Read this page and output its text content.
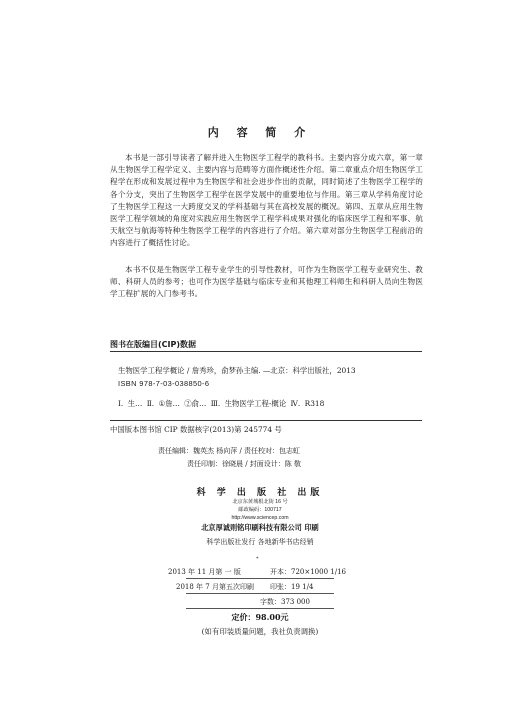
内 容 简 介
本书是一部引导读者了解并进入生物医学工程学的教科书。主要内容分成六章，第一章从生物医学工程学定义、主要内容与范畴等方面作概述性介绍。第二章重点介绍生物医学工程学在形成和发展过程中为生物医学和社会进步作出的贡献，同时简述了生物医学工程学的各个分支，突出了生物医学工程学在医学发展中的重要地位与作用。第三章从学科角度讨论了生物医学工程这一大跨度交叉的学科基础与其在高校发展的概况。第四、五章从应用生物医学工程学领域的角度对实践应用生物医学工程学科成果对强化的临床医学工程和军事、航天航空与航海等特种生物医学工程学的内容进行了介绍。第六章对部分生物医学工程前沿的内容进行了概括性讨论。
本书不仅是生物医学工程专业学生的引导性教材，可作为生物医学工程专业研究生、教师、科研人员的参考；也可作为医学基础与临床专业和其他理工科师生和科研人员向生物医学工程扩展的入门参考书。
图书在版编目(CIP)数据
生物医学工程学概论 / 詹秀珍，俞梦孙主编. —北京：科学出版社，2013
ISBN 978-7-03-038850-6
Ⅰ. 生… Ⅱ. ①詹… ②俞… Ⅲ. 生物医学工程-概论 Ⅳ. R318
中国版本图书馆 CIP 数据核字(2013)第 245774 号
责任编辑：魏英杰 杨向萍 / 责任校对：包志虹
责任印制：徐晓晨 / 封面设计：陈 敬
科 学 出 版 社 出版
北京东黄城根北街 16 号
邮政编码：100717
http://www.sciencep.com
北京厚诚则铭印刷科技有限公司 印刷
科学出版社发行 各地新华书店经销
*
2013 年 11 月第 一 版	开本：720×1000 1/16
2018 年 7 月第五次印刷 印张：19 1/4
字数：373 000
定价：98.00元
(如有印装质量问题，我社负责调换)
